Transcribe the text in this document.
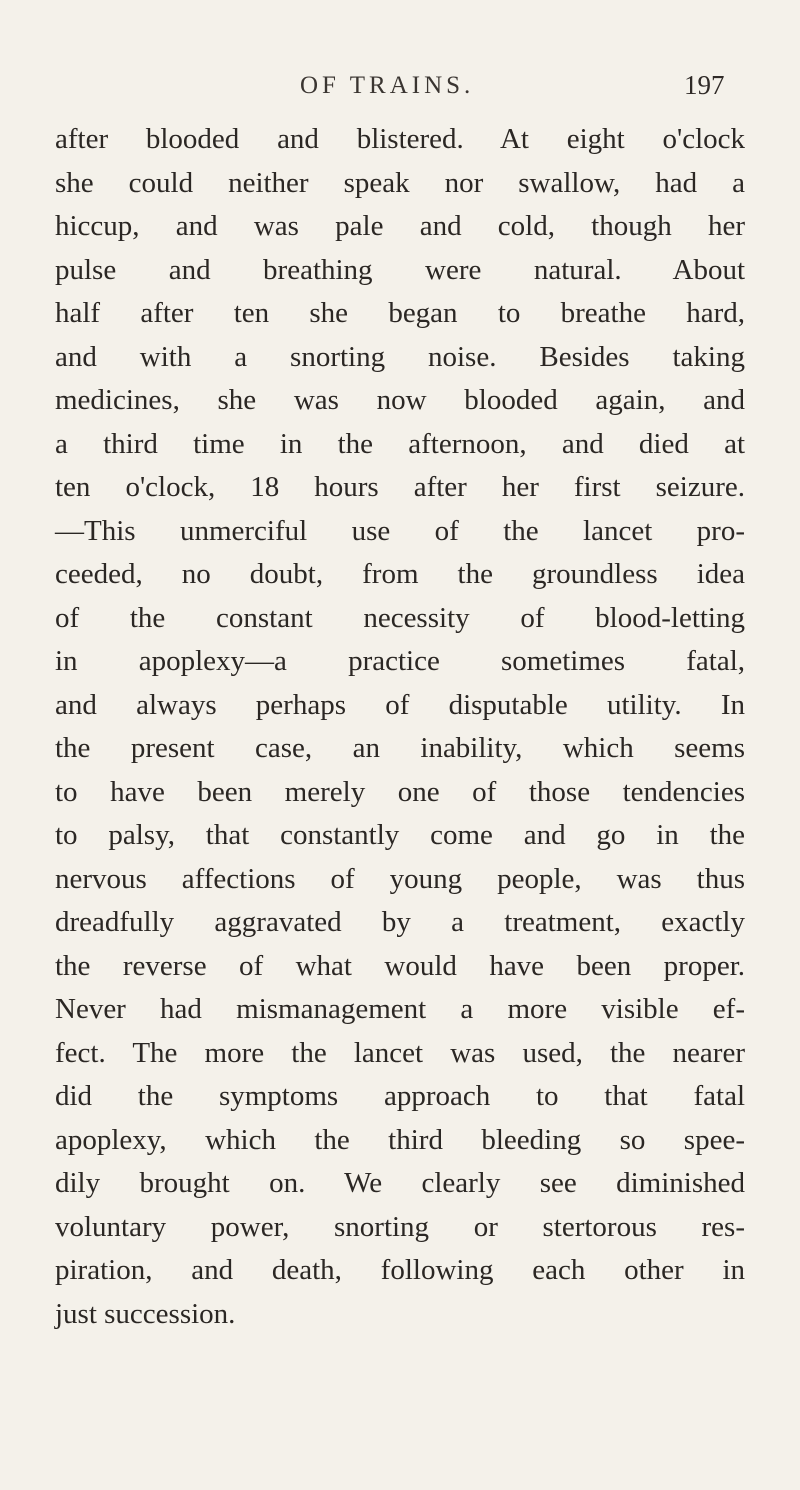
OF TRAINS.	197
after blooded and blistered. At eight o'clock
she could neither speak nor swallow, had a
hiccup, and was pale and cold, though her
pulse and breathing were natural. About
half after ten she began to breathe hard,
and with a snorting noise. Besides taking
medicines, she was now blooded again, and
a third time in the afternoon, and died at
ten o'clock, 18 hours after her first seizure.
—This unmerciful use of the lancet pro-
ceeded, no doubt, from the groundless idea
of the constant necessity of blood-letting
in apoplexy—a practice sometimes fatal,
and always perhaps of disputable utility. In
the present case, an inability, which seems
to have been merely one of those tendencies
to palsy, that constantly come and go in the
nervous affections of young people, was thus
dreadfully aggravated by a treatment, exactly
the reverse of what would have been proper.
Never had mismanagement a more visible ef-
fect. The more the lancet was used, the nearer
did the symptoms approach to that fatal
apoplexy, which the third bleeding so spee-
dily brought on. We clearly see diminished
voluntary power, snorting or stertorous res-
piration, and death, following each other in
just succession.
